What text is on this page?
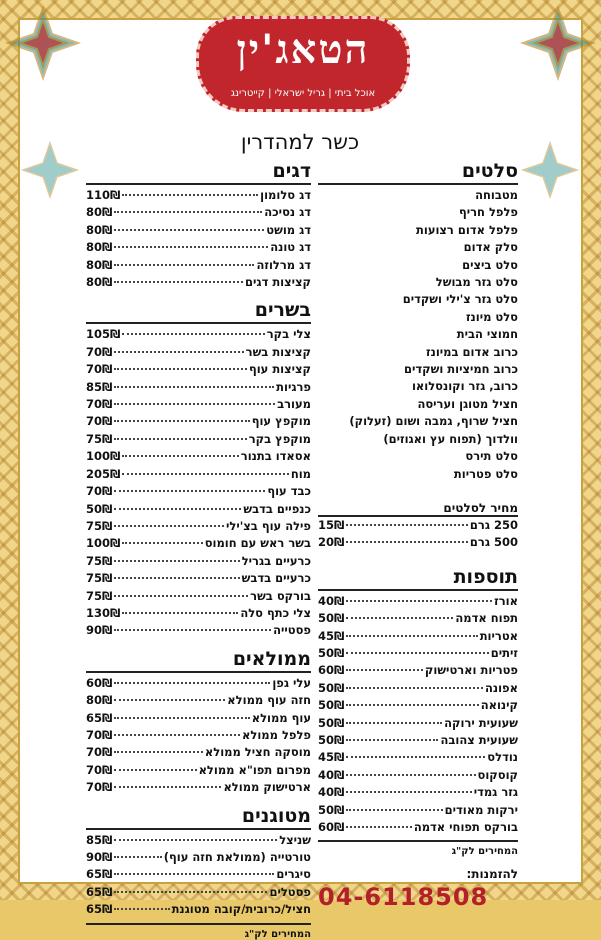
הטאג'ין
אוכל ביתי | גריל ישראלי | קייטרינג
כשר למהדרין
דגים
דג סלומון
110₪
דג נסיכה
80₪
דג מושט
80₪
דג טונה
80₪
דג מרלוזה
80₪
קציצות דגים
80₪
בשרים
צלי בקר
105₪
קציצות בשר
70₪
קציצות עוף
70₪
פרגיות
85₪
מעורב
70₪
מוקפץ עוף
70₪
מוקפץ בקר
75₪
אסאדו בתנור
100₪
מוח
205₪
כבד עוף
70₪
כנפיים בדבש
50₪
פילה עוף בצ'ילי
75₪
בשר ראש עם חומוס
100₪
כרעיים בגריל
75₪
כרעיים בדבש
75₪
בורקס בשר
75₪
צלי כתף סלה
130₪
פסטייה
90₪
ממולאים
עלי גפן
60₪
חזה עוף ממולא
80₪
עוף ממולא
65₪
פלפל ממולא
70₪
מוסקה חציל ממולא
70₪
מפרום תפו"א ממולא
70₪
ארטישוק ממולא
70₪
מטוגנים
שניצל
85₪
טורטייה (ממולאת חזה עוף)
90₪
סיגרים
65₪
פסטלים
65₪
חציל/כרובית/קובה מטוגנת
65₪
המחירים לק"ג
סלטים
מטבוחה
פלפל חריף
פלפל אדום רצועות
סלק אדום
סלט ביצים
סלט גזר מבושל
סלט גזר צ'ילי ושקדים
סלט מיונז
חמוצי הבית
כרוב אדום במיונז
כרוב חמיציות ושקדים
כרוב, גזר וקונסלואו
חציל מטוגן ועריסה
חציל שרוף, גמבה ושום (זעלוק)
וולדוך (תפוח עץ ואגוזים)
סלט תירס
סלט פטריות
מחיר לסלטים
250 גרם
15₪
500 גרם
20₪
תוספות
אורז
40₪
תפוח אדמה
50₪
אטריות
45₪
זיתים
50₪
פטריות וארטישוק
60₪
אפונה
50₪
קינואה
50₪
שעועית ירוקה
50₪
שעועית צהובה
50₪
נודלס
45₪
קוסקוס
40₪
גזר גמדי
40₪
ירקות מאודים
50₪
בורקס תפוחי אדמה
60₪
המחירים לק"ג
להזמנות:
04-6118508
